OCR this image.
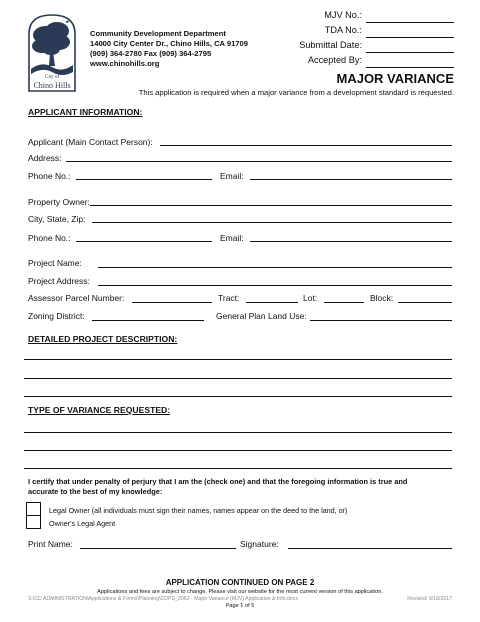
City of
Chino Hills
Community Development Department
14000 City Center Dr., Chino Hills, CA 91709
(909) 364-2780 Fax (909) 364-2795
www.chinohills.org
MJV No.:
TDA No.:
Submittal Date:
Accepted By:
MAJOR VARIANCE
This application is required when a major variance from a development standard is requested.
APPLICANT INFORMATION:
Applicant (Main Contact Person):
Address:
Phone No.:	Email:
Property Owner:
City, State, Zip:
Phone No.:	Email:
Project Name:
Project Address:
Assessor Parcel Number:	Tract:	Lot:	Block:
Zoning District:	General Plan Land Use:
DETAILED PROJECT DESCRIPTION:
TYPE OF VARIANCE REQUESTED:
I certify that under penalty of perjury that I am the (check one) and that the foregoing information is true and
accurate to the best of my knowledge:
Legal Owner (all individuals must sign their names, names appear on the deed to the land, or)
Owner's Legal Agent
Print Name:	Signature:
APPLICATION CONTINUED ON PAGE 2
Applications and fees are subject to change. Please visit our website for the most current version of this application.
S:\CD ADMINISTRATION\Applications & Forms\Planning\CDPD_2062 - Major Variance (MJV) Application & Info.docx	Revised: 9/18/2017
Page 1 of 5
